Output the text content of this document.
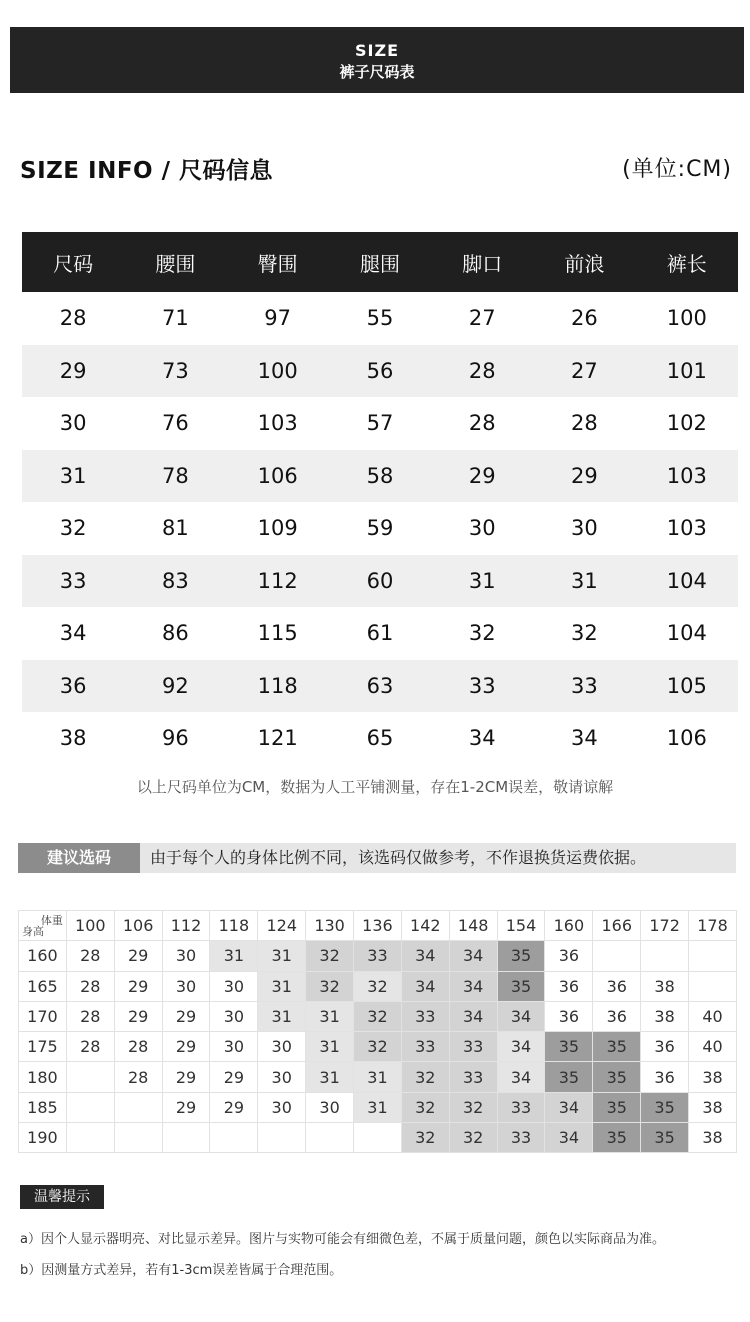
SIZE
裤子尺码表
SIZE INFO / 尺码信息	(单位:CM)
尺码	腰围	臀围	腿围	脚口	前浪	裤长
28	71	97	55	27	26	100
29	73	100	56	28	27	101
30	76	103	57	28	28	102
31	78	106	58	29	29	103
32	81	109	59	30	30	103
33	83	112	60	31	31	104
34	86	115	61	32	32	104
36	92	118	63	33	33	105
38	96	121	65	34	34	106
以上尺码单位为CM，数据为人工平铺测量，存在1-2CM误差，敬请谅解
建议选码	由于每个人的身体比例不同，该选码仅做参考，不作退换货运费依据。
体重
身高	100	106	112	118	124	130	136	142	148	154	160	166	172	178
160	28	29	30	31	31	32	33	34	34	35	36			
165	28	29	30	30	31	32	32	34	34	35	36	36	38	
170	28	29	29	30	31	31	32	33	34	34	36	36	38	40
175	28	28	29	30	30	31	32	33	33	34	35	35	36	40
180		28	29	29	30	31	31	32	33	34	35	35	36	38
185			29	29	30	30	31	32	32	33	34	35	35	38
190								32	32	33	34	35	35	38
温馨提示
a）因个人显示器明亮、对比显示差异。图片与实物可能会有细微色差，不属于质量问题，颜色以实际商品为准。
b）因测量方式差异，若有1-3cm误差皆属于合理范围。
